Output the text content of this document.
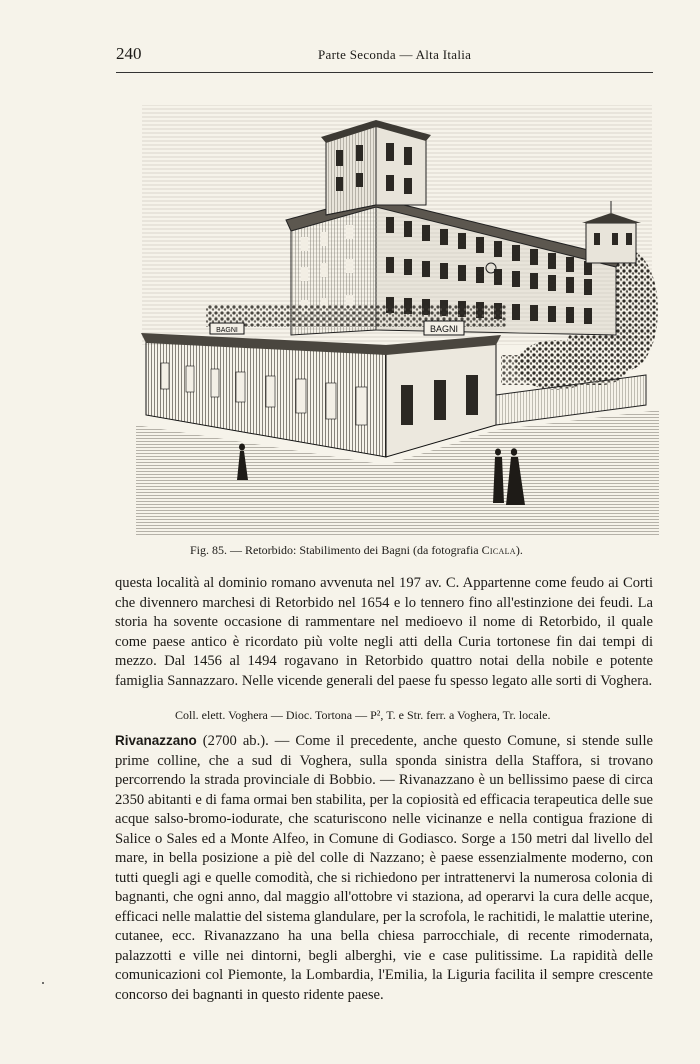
240	Parte Seconda — Alta Italia
BAGNI	BAGNI
Fig. 85. — Retorbido: Stabilimento dei Bagni (da fotografia Cicala).

questa località al dominio romano avvenuta nel 197 av. C. Appartenne come feudo ai Corti che divennero marchesi di Retorbido nel 1654 e lo tennero fino all'estinzione dei feudi. La storia ha sovente occasione di rammentare nel medioevo il nome di Retorbido, il quale come paese antico è ricordato più volte negli atti della Curia tortonese fin dai tempi di mezzo. Dal 1456 al 1494 rogavano in Retorbido quattro notai della nobile e potente famiglia Sannazzaro. Nelle vicende generali del paese fu spesso legato alle sorti di Voghera.

Coll. elett. Voghera — Dioc. Tortona — P², T. e Str. ferr. a Voghera, Tr. locale.

Rivanazzano (2700 ab.). — Come il precedente, anche questo Comune, si stende sulle prime colline, che a sud di Voghera, sulla sponda sinistra della Staffora, si trovano percorrendo la strada provinciale di Bobbio. — Rivanazzano è un bellissimo paese di circa 2350 abitanti e di fama ormai ben stabilita, per la copiosità ed efficacia terapeutica delle sue acque salso-bromo-iodurate, che scaturiscono nelle vicinanze e nella contigua frazione di Salice o Sales ed a Monte Alfeo, in Comune di Godiasco. Sorge a 150 metri dal livello del mare, in bella posizione a piè del colle di Nazzano; è paese essenzialmente moderno, con tutti quegli agi e quelle comodità, che si richiedono per intrattenervi la numerosa colonia di bagnanti, che ogni anno, dal maggio all'ottobre vi staziona, ad operarvi la cura delle acque, efficaci nelle malattie del sistema glandulare, per la scrofola, le rachitidi, le malattie uterine, cutanee, ecc. Rivanazzano ha una bella chiesa parrocchiale, di recente rimodernata, palazzotti e ville nei dintorni, begli alberghi, vie e case pulitissime. La rapidità delle comunicazioni col Piemonte, la Lombardia, l'Emilia, la Liguria facilita il sempre crescente concorso dei bagnanti in questo ridente paese.
